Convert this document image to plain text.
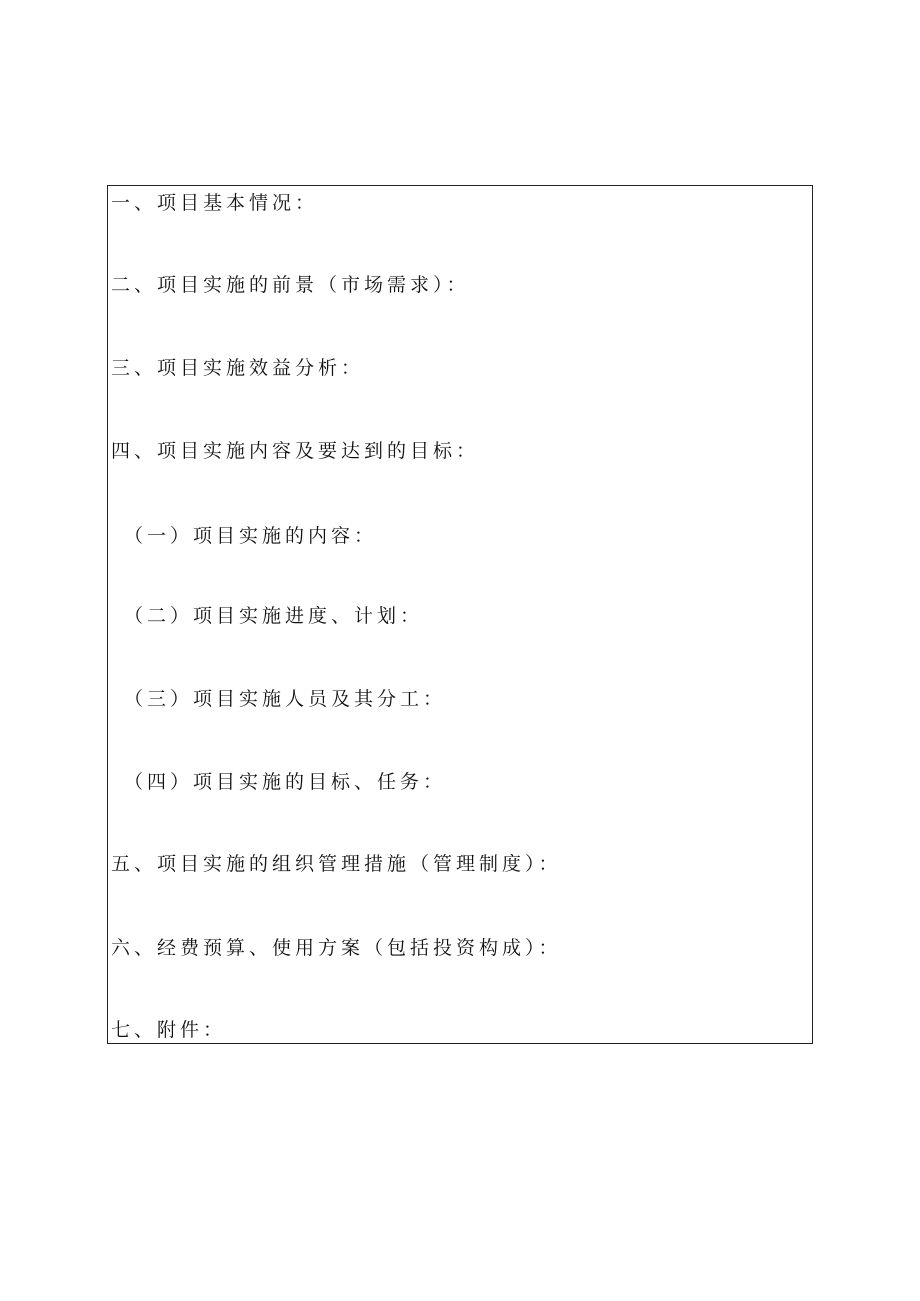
一、项目基本情况：
二、项目实施的前景（市场需求）：
三、项目实施效益分析：
四、项目实施内容及要达到的目标：
（一）项目实施的内容：
（二）项目实施进度、计划：
（三）项目实施人员及其分工：
（四）项目实施的目标、任务：
五、项目实施的组织管理措施（管理制度）：
六、经费预算、使用方案（包括投资构成）：
七、附件：
